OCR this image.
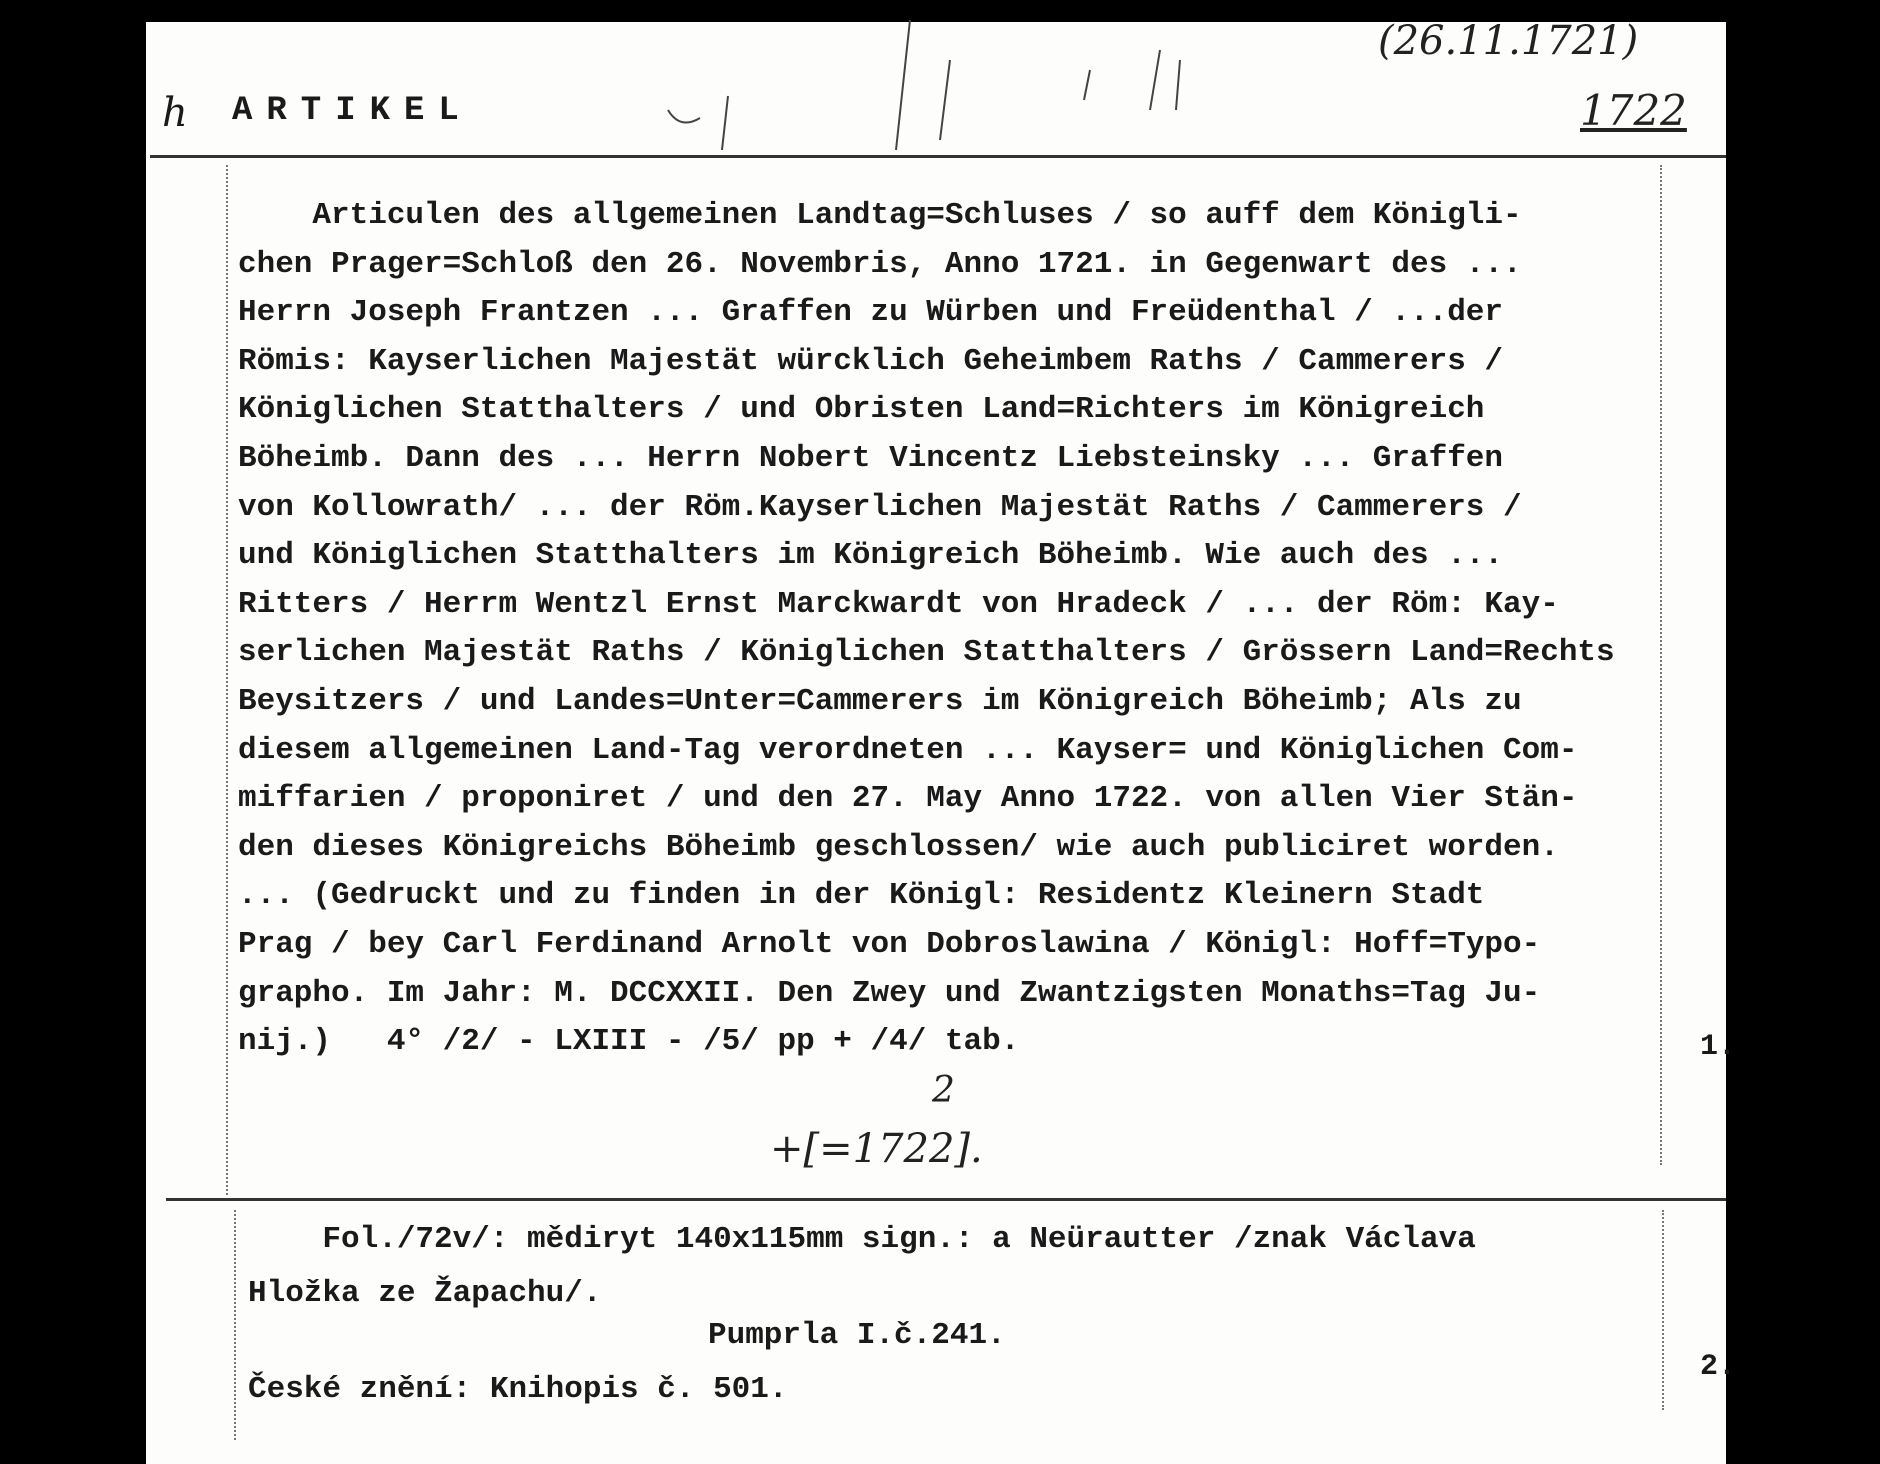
h ARTIKEL
(26.11.1721)
1722
Articulen des allgemeinen Landtag=Schluses / so auff dem Königli-
chen Prager=Schloß den 26. Novembris, Anno 1721. in Gegenwart des ...
Herrn Joseph Frantzen ... Graffen zu Würben und Freüdenthal / ...der
Römis: Kayserlichen Majestät würcklich Geheimbem Raths / Cammerers /
Königlichen Statthalters / und Obristen Land=Richters im Königreich
Böheimb. Dann des ... Herrn Nobert Vincentz Liebsteinsky ... Graffen
von Kollowrath/ ... der Röm.Kayserlichen Majestät Raths / Cammerers /
und Königlichen Statthalters im Königreich Böheimb. Wie auch des ...
Ritters / Herrm Wentzl Ernst Marckwardt von Hradeck / ... der Röm: Kay-
serlichen Majestät Raths / Königlichen Statthalters / Grössern Land=Rechts
Beysitzers / und Landes=Unter=Cammerers im Königreich Böheimb; Als zu
diesem allgemeinen Land-Tag verordneten ... Kayser= und Königlichen Com-
miffarien / proponiret / und den 27. May Anno 1722. von allen Vier Stän-
den dieses Königreichs Böheimb geschlossen/ wie auch publiciret worden.
... (Gedruckt und zu finden in der Königl: Residentz Kleinern Stadt
Prag / bey Carl Ferdinand Arnolt von Dobroslawina / Königl: Hoff=Typo-
grapho. Im Jahr: M. DCCXXII. Den Zwey und Zwantzigsten Monaths=Tag Ju-
nij.)   4° /2/ - LXIII - /5/ pp + /4/ tab.	1.
2
+[=1722].
Fol./72v/: mědiryt 140x115mm sign.: a Neürautter /znak Václava
Hložka ze Žapachu/.
Pumprla I.č.241.
České znění: Knihopis č. 501.
2.
